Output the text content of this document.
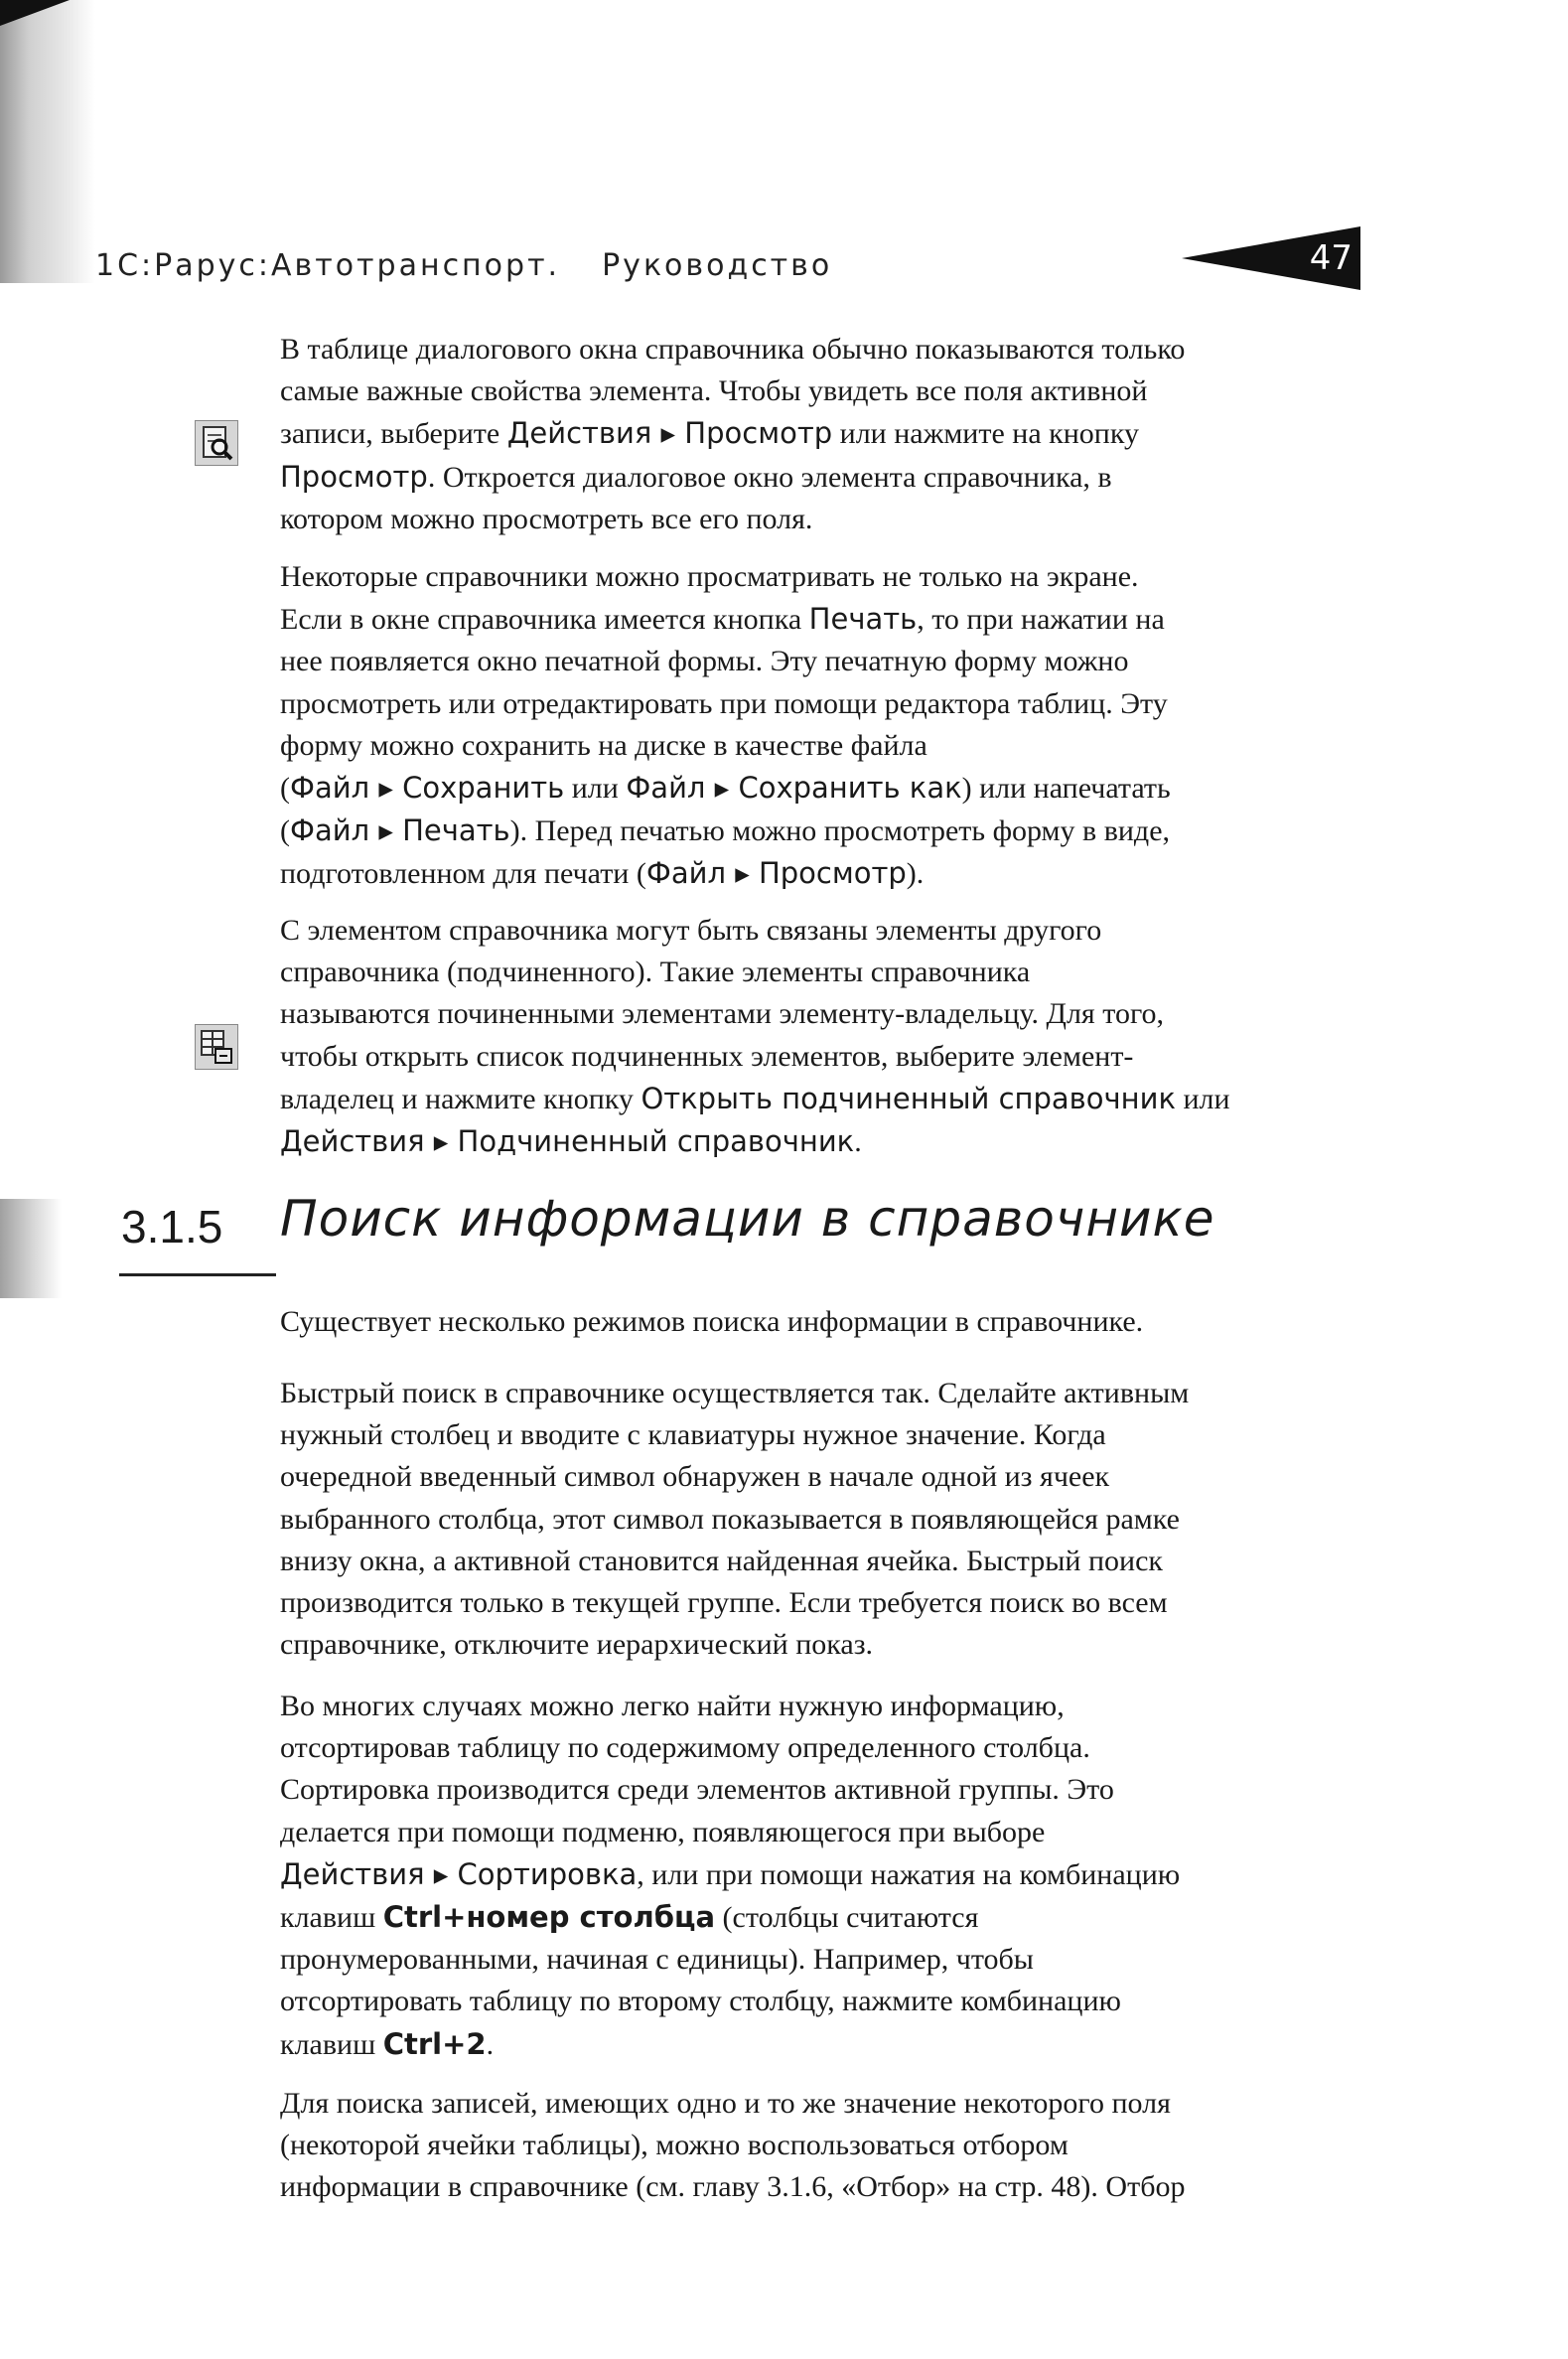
1С:Рарус:Автотранспорт. Руководство	47

В таблице диалогового окна справочника обычно показываются только
самые важные свойства элемента. Чтобы увидеть все поля активной
записи, выберите Действия ▸ Просмотр или нажмите на кнопку
Просмотр. Откроется диалоговое окно элемента справочника, в
котором можно просмотреть все его поля.

Некоторые справочники можно просматривать не только на экране.
Если в окне справочника имеется кнопка Печать, то при нажатии на
нее появляется окно печатной формы. Эту печатную форму можно
просмотреть или отредактировать при помощи редактора таблиц. Эту
форму можно сохранить на диске в качестве файла
(Файл ▸ Сохранить или Файл ▸ Сохранить как) или напечатать
(Файл ▸ Печать). Перед печатью можно просмотреть форму в виде,
подготовленном для печати (Файл ▸ Просмотр).

С элементом справочника могут быть связаны элементы другого
справочника (подчиненного). Такие элементы справочника
называются починенными элементами элементу-владельцу. Для того,
чтобы открыть список подчиненных элементов, выберите элемент-
владелец и нажмите кнопку Открыть подчиненный справочник или
Действия ▸ Подчиненный справочник.

3.1.5 Поиск информации в справочнике

Существует несколько режимов поиска информации в справочнике.

Быстрый поиск в справочнике осуществляется так. Сделайте активным
нужный столбец и вводите с клавиатуры нужное значение. Когда
очередной введенный символ обнаружен в начале одной из ячеек
выбранного столбца, этот символ показывается в появляющейся рамке
внизу окна, а активной становится найденная ячейка. Быстрый поиск
производится только в текущей группе. Если требуется поиск во всем
справочнике, отключите иерархический показ.

Во многих случаях можно легко найти нужную информацию,
отсортировав таблицу по содержимому определенного столбца.
Сортировка производится среди элементов активной группы. Это
делается при помощи подменю, появляющегося при выборе
Действия ▸ Сортировка, или при помощи нажатия на комбинацию
клавиш Ctrl+номер столбца (столбцы считаются
пронумерованными, начиная с единицы). Например, чтобы
отсортировать таблицу по второму столбцу, нажмите комбинацию
клавиш Ctrl+2.

Для поиска записей, имеющих одно и то же значение некоторого поля
(некоторой ячейки таблицы), можно воспользоваться отбором
информации в справочнике (см. главу 3.1.6, «Отбор» на стр. 48). Отбор
